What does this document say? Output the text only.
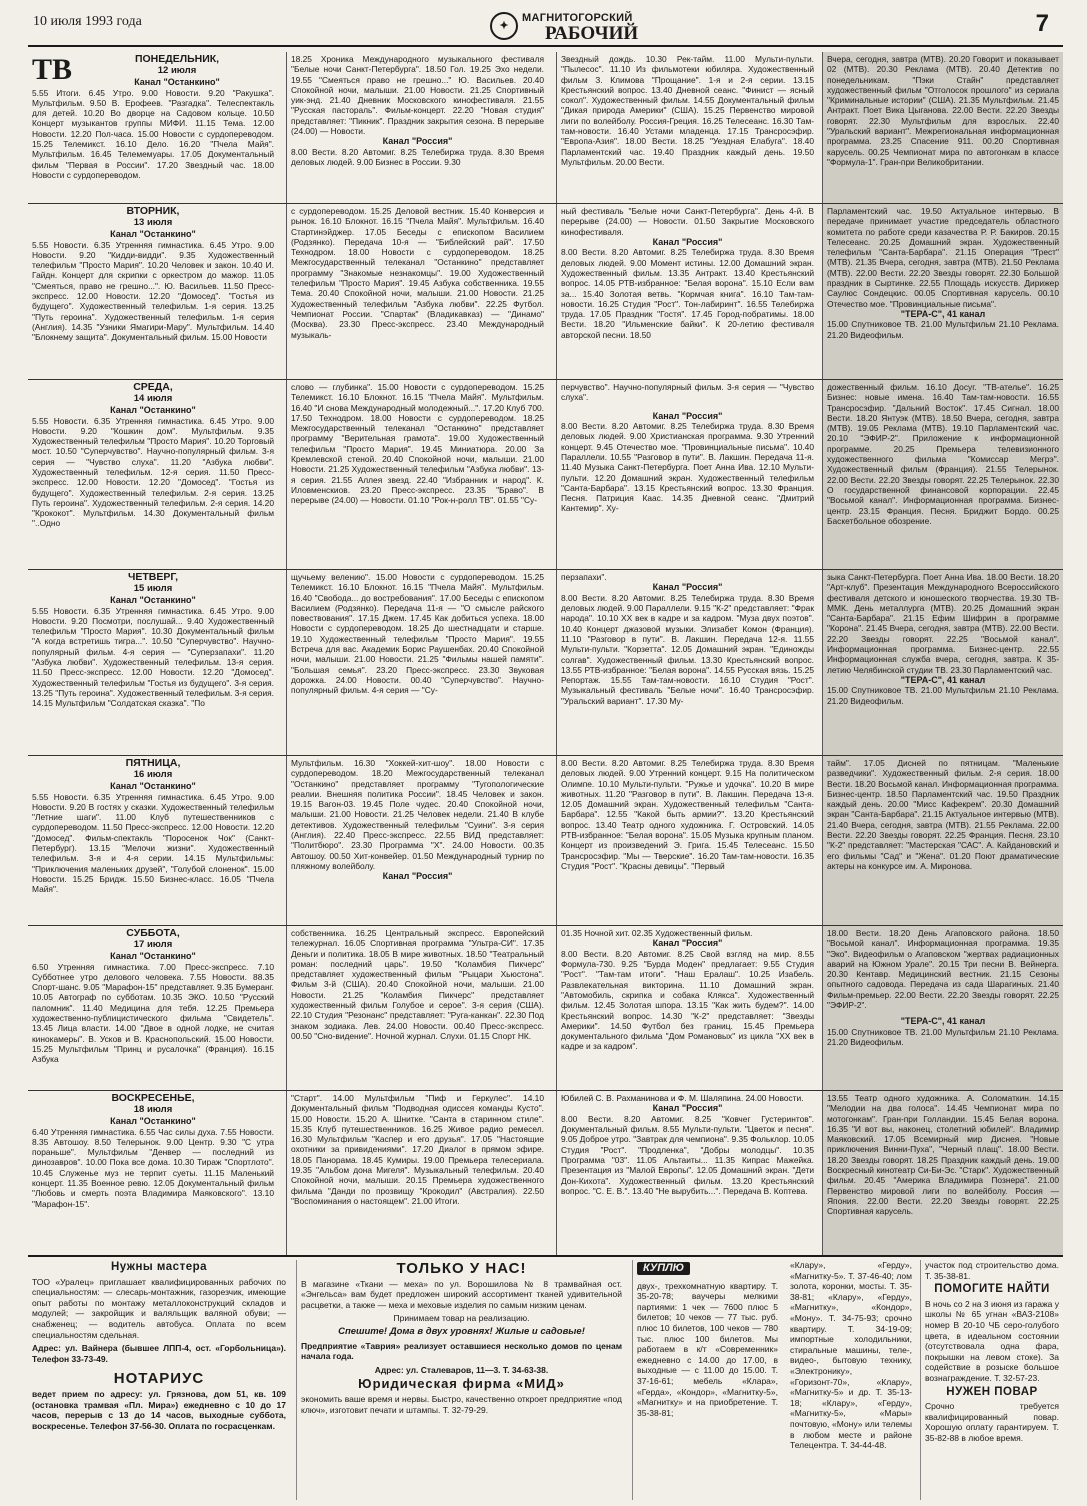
10 июля 1993 года	✦
МАГНИТОГОРСКИЙ
РАБОЧИЙ	7
ТВ	ПОНЕДЕЛЬНИК,
12 июля
Канал "Останкино"
5.55 Итоги. 6.45 Утро. 9.00 Новости. 9.20 "Ракушка". Мультфильм. 9.50 В. Ерофеев. "Разгадка". Телеспектакль для детей. 10.20 Во дворце на Садовом кольце. 10.50 Концерт музыкантов группы МИФИ. 11.15 Тема. 12.00 Новости. 12.20 Пол-часа. 15.00 Новости с сурдопереводом. 15.25 Телемикст. 16.10 Дело. 16.20 "Пчела Майя". Мультфильм. 16.45 Телемемуары. 17.05 Документальный фильм "Первая в России". 17.20 Звездный час. 18.00 Новости с сурдопереводом.
18.25 Хроника Международного музыкального фестиваля "Белые ночи Санкт-Петербурга". 18.50 Гол. 19.25 Эхо недели. 19.55 "Смеяться право не грешно..." Ю. Васильев. 20.40 Спокойной ночи, малыши. 21.00 Новости. 21.25 Спортивный уик-энд. 21.40 Дневник Московского кинофестиваля. 21.55 "Русская пастораль". Фильм-концерт. 22.20 "Новая студия" представляет: "Пикник". Праздник закрытия сезона. В перерыве (24.00) — Новости.
Канал "Россия"
8.00 Вести. 8.20 Автомиг. 8.25 Телебиржа труда. 8.30 Время деловых людей. 9.00 Бизнес в России. 9.30
Звездный дождь. 10.30 Рек-тайм. 11.00 Мульти-пульти. "Пылесос". 11.10 Из фильмотеки юбиляра. Художественный фильм З. Климова "Прощание". 1-я и 2-я серии. 13.15 Крестьянский вопрос. 13.40 Дневной сеанс. "Финист — ясный сокол". Художественный фильм. 14.55 Документальный фильм "Дикая природа Америки" (США). 15.25 Первенство мировой лиги по волейболу. Россия-Греция. 16.25 Телесеанс. 16.30 Там-там-новости. 16.40 Устами младенца. 17.15 Трансросэфир. "Европа-Азия". 18.00 Вести. 18.25 "Уездная Елабуга". 18.40 Парламентский час. 19.40 Праздник каждый день. 19.50 Мультфильм. 20.00 Вести.
Вчера, сегодня, завтра (МТВ). 20.20 Говорит и показывает 02 (МТВ). 20.30 Реклама (МТВ). 20.40 Детектив по понедельникам. "Пэки Стайн" представляет художественный фильм "Отголосок прошлого" из сериала "Криминальные истории" (США). 21.35 Мультфильм. 21.45 Антракт. Поет Вика Цыганова. 22.00 Вести. 22.20 Звезды говорят. 22.30 Мультфильм для взрослых. 22.40 "Уральский вариант". Межрегиональная информационная программа. 23.25 Спасение 911. 00.20 Спортивная карусель. 00.25 Чемпионат мира по автогонкам в классе "Формула-1". Гран-при Великобритании.
ВТОРНИК,
13 июля
Канал "Останкино"
5.55 Новости. 6.35 Утренняя гимнастика. 6.45 Утро. 9.00 Новости. 9.20 "Кидди-видди". 9.35 Художественный телефильм "Просто Мария". 10.20 Человек и закон. 10.40 И. Гайдн. Концерт для скрипки с оркестром до мажор. 11.05 "Смеяться, право не грешно...". Ю. Васильев. 11.50 Пресс-экспресс. 12.00 Новости. 12.20 "Домосед". "Гостья из будущего". Художественный телефильм. 1-я серия. 13.25 "Путь героина". Художественный телефильм. 1-я серия (Англия). 14.35 "Узники Ямагири-Мару". Мультфильм. 14.40 "Блокнему защита". Документальный фильм. 15.00 Новости
с сурдопереводом. 15.25 Деловой вестник. 15.40 Конверсия и рынок. 16.10 Блокнот. 16.15 "Пчела Майя". Мультфильм. 16.40 Стартинэйджер. 17.05 Беседы с епископом Василием (Родзянко). Передача 10-я — "Библейский рай". 17.50 Технодром. 18.00 Новости с сурдопереводом. 18.25 Межгосударственный телеканал "Останкино" представляет программу "Знакомые незнакомцы". 19.00 Художественный телефильм "Просто Мария". 19.45 Азбука собственника. 19.55 Тема. 20.40 Спокойной ночи, малыши. 21.00 Новости. 21.25 Художественный телефильм "Азбука любви". 22.25 Футбол. Чемпионат России. "Спартак" (Владикавказ) — "Динамо" (Москва). 23.30 Пресс-экспресс. 23.40 Международный музыкаль-
ный фестиваль "Белые ночи Санкт-Петербурга". День 4-й. В перерыве (24.00) — Новости. 01.50 Закрытие Московского кинофестиваля.
Канал "Россия"
8.00 Вести. 8.20 Автомиг. 8.25 Телебиржа труда. 8.30 Время деловых людей. 9.00 Момент истины. 12.00 Домашний экран. Художественный фильм. 13.35 Антракт. 13.40 Крестьянский вопрос. 14.05 РТВ-избранное: "Белая ворона". 15.10 Если вам за... 15.40 Золотая ветвь. "Кормчая книга". 16.10 Там-там-новости. 16.25 Студия "Рост". Тон-лабиринт". 16.55 Телебиржа труда. 17.05 Праздник "Гостя". 17.45 Город-побратимы. 18.00 Вести. 18.20 "Ильменские байки". К 20-летию фестиваля авторской песни. 18.50
Парламентский час. 19.50 Актуальное интервью. В передаче принимает участие председатель областного комитета по работе среди казачества Р. Р. Бакиров. 20.15 Телесеанс. 20.25 Домашний экран. Художественный телефильм "Санта-Барбара". 21.15 Операция "Трест" (МТВ). 21.35 Вчера, сегодня, завтра (МТВ). 21.50 Реклама (МТВ). 22.00 Вести. 22.20 Звезды говорят. 22.30 Большой праздник в Сыртинке. 22.55 Площадь искусств. Дирижер Саулюс Сондецкис. 00.05 Спортивная карусель. 00.10 Отечество мое. "Провинциальные письма".
"ТЕРА-С", 41 канал
15.00 Спутниковое ТВ. 21.00 Мультфильм 21.10 Реклама. 21.20 Видеофильм.
СРЕДА,
14 июля
Канал "Останкино"
5.55 Новости. 6.35 Утренняя гимнастика. 6.45 Утро. 9.00 Новости. 9.20 "Кошкин дом". Мультфильм. 9.35 Художественный телефильм "Просто Мария". 10.20 Торговый мост. 10.50 "Суперчувство". Научно-популярный фильм. 3-я серия — "Чувство слуха". 11.20 "Азбука любви". Художественный телефильм. 12-я серия. 11.50 Пресс-экспресс. 12.00 Новости. 12.20 "Домосед". "Гостья из будущего". Художественный телефильм. 2-я серия. 13.25 Путь героина". Художественный телефильм. 2-я серия. 14.20 "Крококот". Мультфильм. 14.30 Документальный фильм "..Одно
слово — глубинка". 15.00 Новости с сурдопереводом. 15.25 Телемикст. 16.10 Блокнот. 16.15 "Пчела Майя". Мультфильм. 16.40 "И снова Международный молодежный...". 17.20 Клуб 700. 17.50 Технодром. 18.00 Новости с сурдопереводом. 18.25 Межгосударственный телеканал "Останкино" представляет программу "Верительная грамота". 19.00 Художественный телефильм "Просто Мария". 19.45 Миниатюра. 20.00 За Кремлевской стеной. 20.40 Спокойной ночи, малыши. 21.00 Новости. 21.25 Художественный телефильм "Азбука любви". 13-я серия. 21.55 Аллея звезд. 22.40 "Избранник и народ". К. Иловменскиов. 23.20 Пресс-экспресс. 23.35 "Браво". В перерыве (24.00) — Новости. 01.10 "Рок-н-ролл ТВ". 01.55 "Су-
перчувство". Научно-популярный фильм. 3-я серия — "Чувство слуха".
Канал "Россия"
8.00 Вести. 8.20 Автомиг. 8.25 Телебиржа труда. 8.30 Время деловых людей. 9.00 Христианская программа. 9.30 Утренний концерт. 9.45 Отечество мое. "Провинциальные письма". 10.40 Параллели. 10.55 "Разговор в пути". В. Лакшин. Передача 11-я. 11.40 Музыка Санкт-Петербурга. Поет Анна Ива. 12.10 Мульти-пульти. 12.20 Домашний экран. Художественный телефильм "Санта-Барбара". 13.15 Крестьянский вопрос. 13.30 Франция. Песня. Патриция Каас. 14.35 Дневной сеанс. "Дмитрий Кантемир". Ху-
дожественный фильм. 16.10 Досуг. "ТВ-ателье". 16.25 Бизнес: новые имена. 16.40 Там-там-новости. 16.55 Трансросэфир. "Дальний Восток". 17.45 Сигнал. 18.00 Вести. 18.20 Янтуэк (МТВ). 18.50 Вчера, сегодня, завтра (МТВ). 19.05 Реклама (МТВ). 19.10 Парламентский час. 20.10 "ЭФИР-2". Приложение к информационной программе. 20.25 Премьера телевизионного художественного фильма "Комиссар Мегрэ". Художественный фильм (Франция). 21.55 Телерынок. 22.00 Вести. 22.20 Звезды говорят. 22.25 Телерынок. 22.30 О государственной финансовой корпорации. 22.45 "Восьмой канал". Информационная программа. Бизнес-центр. 23.15 Франция. Песня. Бриджит Бордо. 00.25 Баскетбольное обозрение.
ЧЕТВЕРГ,
15 июля
Канал "Останкино"
5.55 Новости. 6.35 Утренняя гимнастика. 6.45 Утро. 9.00 Новости. 9.20 Посмотри, послушай... 9.40 Художественный телефильм "Просто Мария". 10.30 Документальный фильм "А когда встретишь тигра...". 10.50 "Суперчувство". Научно-популярный фильм. 4-я серия — "Суперзапахи". 11.20 "Азбука любви". Художественный телефильм. 13-я серия. 11.50 Пресс-экспресс. 12.00 Новости. 12.20 "Домосед". Художественный телефильм "Гостья из будущего". 3-я серия. 13.25 "Путь героина". Художественный телефильм. 3-я серия. 14.15 Мультфильм "Солдатская сказка". "По
щучьему велению". 15.00 Новости с сурдопереводом. 15.25 Телемикст. 16.10 Блокнот. 16.15 "Пчела Майя". Мультфильм. 16.40 "Свобода... до востребования". 17.00 Беседы с епископом Василием (Родзянко). Передача 11-я — "О смысле райского повествования". 17.15 Джем. 17.45 Как добиться успеха. 18.00 Новости с сурдопереводом. 18.25 До шестнадцати и старше. 19.10 Художественный телефильм "Просто Мария". 19.55 Встреча для вас. Академик Борис Раушенбах. 20.40 Спокойной ночи, малыши. 21.00 Новости. 21.25 "Фильмы нашей памяти". "Большая семья". 23.20 Пресс-экспресс. 23.30 Звуковая дорожка. 24.00 Новости. 00.40 "Суперчувство". Научно-популярный фильм. 4-я серия — "Су-
перзапахи".
Канал "Россия"
8.00 Вести. 8.20 Автомиг. 8.25 Телебиржа труда. 8.30 Время деловых людей. 9.00 Параллели. 9.15 "К-2" представляет: "Фрак народа". 10.10 XX век в кадре и за кадром. "Муза двух поэтов". 10.40 Концерт джазовой музыки. Элизабет Комон (Франция). 11.10 "Разговор в пути". В. Лакшин. Передача 12-я. 11.55 Мульти-пульти. "Корзетта". 12.05 Домашний экран. "Единожды солгав". Художественный фильм. 13.30 Крестьянский вопрос. 13.55 РТВ-избранное: "Белая ворона". 14.55 Русская вязь. 15.25 Репортаж. 15.55 Там-там-новости. 16.10 Студия "Рост". Музыкальный фестиваль "Белые ночи". 16.40 Трансросэфир. "Уральский вариант". 17.30 Му-
зыка Санкт-Петербурга. Поет Анна Ива. 18.00 Вести. 18.20 "Арт-клуб". Презентация Международного Всероссийского фестиваля детского и юношеского творчества. 19.30 ТВ-ММК. День металлурга (МТВ). 20.25 Домашний экран "Санта-Барбара". 21.15 Ефим Шифрин в программе "Корона". 21.45 Вчера, сегодня, завтра (МТВ). 22.00 Вести. 22.20 Звезды говорят. 22.25 "Восьмой канал". Информационная программа. Бизнес-центр. 22.55 Информационная служба вчера, сегодня, завтра. К 35-летию Челябинской студии ТВ. 23.30 Парламентский час.
"ТЕРА-С", 41 канал
15.00 Спутниковое ТВ. 21.00 Мультфильм 21.10 Реклама. 21.20 Видеофильм.
ПЯТНИЦА,
16 июля
Канал "Останкино"
5.55 Новости. 6.35 Утренняя гимнастика. 6.45 Утро. 9.00 Новости. 9.20 В гостях у сказки. Художественный телефильм "Летние шаги". 11.00 Клуб путешественников с сурдопереводом. 11.50 Пресс-экспресс. 12.00 Новости. 12.20 "Домосед". Фильм-спектакль "Поросенок Чок" (Санкт-Петербург). 13.15 "Мелочи жизни". Художественный телефильм. 3-я и 4-я серии. 14.15 Мультфильмы: "Приключения маленьких друзей", "Голубой слоненок". 15.00 Новости. 15.25 Бридж. 15.50 Бизнес-класс. 16.05 "Пчела Майя".
Мультфильм. 16.30 "Хоккей-хит-шоу". 18.00 Новости с сурдопереводом. 18.20 Межгосударственный телеканал "Останкино" представляет программу "Тугопологические реалии. Внешняя политика России". 18.45 Человек и закон. 19.15 Вагон-03. 19.45 Поле чудес. 20.40 Спокойной ночи, малыши. 21.00 Новости. 21.25 Человек недели. 21.40 В клубе детективов. Художественный телефильм "Суини". 3-я серия (Англия). 22.40 Пресс-экспресс. 22.55 ВИД представляет: "Политбюро". 23.30 Программа "X". 24.00 Новости. 00.35 Автошоу. 00.50 Хит-конвейер. 01.50 Международный турнир по пляжному волейболу.
Канал "Россия"
8.00 Вести. 8.20 Автомиг. 8.25 Телебиржа труда. 8.30 Время деловых людей. 9.00 Утренний концерт. 9.15 На политическом Олимпе. 10.10 Мульти-пульти. "Ружье и удочка". 10.20 В мире животных. 11.20 "Разговор в пути". В. Лакшин. Передача 13-я. 12.05 Домашний экран. Художественный телефильм "Санта-Барбара". 12.55 "Какой быть армии?". 13.20 Крестьянский вопрос. 13.40 Театр одного художника. Г. Островский. 14.05 РТВ-избранное: "Белая ворона". 15.05 Музыка крупным планом. Концерт из произведений Э. Грига. 15.45 Телесеанс. 15.50 Трансросэфир. "Мы — Тверские". 16.20 Там-там-новости. 16.35 Студия "Рост". "Красны девицы". "Первый
тайм". 17.05 Дисней по пятницам. "Маленькие разведчики". Художественный фильм. 2-я серия. 18.00 Вести. 18.20 Восьмой канал. Информационная программа. Бизнес-центр. 18.50 Парламентский час. 19.50 Праздник каждый день. 20.00 "Мисс Кафекрем". 20.30 Домашний экран "Санта-Барбара". 21.15 Актуальное интервью (МТВ). 21.40 Вчера, сегодня, завтра (МТВ). 21.55 Реклама. 22.00 Вести. 22.20 Звезды говорят. 22.25 Франция. Песня. 23.10 "К-2" представляет: "Мастерская "САС". А. Кайдановский и его фильмы "Сад" и "Жена". 01.20 Поют драматические актеры на конкурсе им. А. Миронова.
СУББОТА,
17 июля
Канал "Останкино"
6.50 Утренняя гимнастика. 7.00 Пресс-экспресс. 7.10 Субботнее утро делового человека. 7.55 Новости. 88.35 Спорт-шанс. 9.05 "Марафон-15" представляет. 9.35 Бумеранг. 10.05 Автограф по субботам. 10.35 ЭКО. 10.50 "Русский паломник". 11.40 Медицина для тебя. 12.25 Премьера художественно-публицистического фильма "Свидетель". 13.45 Лица власти. 14.00 "Двое в одной лодке, не считая кинокамеры". В. Усков и В. Краснопольский. 15.00 Новости. 15.25 Мультфильм "Принц и русалочка" (Франция). 16.15 Азбука
собственника. 16.25 Центральный экспресс. Европейский тележурнал. 16.05 Спортивная программа "Ультра-СИ". 17.35 Деньги и политика. 18.05 В мире животных. 18.50 "Театральный роман: последний царь". 19.50 "Коламбия Пикчерс" представляет художественный фильм "Рыцари Хьюстона". Фильм 3-й (США). 20.40 Спокойной ночи, малыши. 21.00 Новости. 21.25 "Коламбия Пикчерс" представляет художественный фильм Голубое и серое". 3-я серия (США). 22.10 Студия "Резонанс" представляет: "Руга-канкан". 22.30 Под знаком зодиака. Лев. 24.00 Новости. 00.40 Пресс-экспресс. 00.50 "Сно-видение". Ночной журнал. Слухи. 01.15 Спорт НК.
01.35 Ночной хит. 02.35 Художественный фильм.
Канал "Россия"
8.00 Вести. 8.20 Автомиг. 8.25 Свой взгляд на мир. 8.55 Формула-730. 9.25 "Бурда Моден" предлагает: 9.55 Студия "Рост". "Там-там итоги". "Наш Ералаш". 10.25 Изабель. Развлекательная викторина. 11.10 Домашний экран. "Автомобиль, скрипка и собака Клякса". Художественный фильм. 12.45 Золотая шпора. 13.15 "Как жить будем?". 14.00 Крестьянский вопрос. 14.30 "К-2" представляет: "Звезды Америки". 14.50 Футбол без границ. 15.45 Премьера документального фильма "Дом Романовых" из цикла "XX век в кадре и за кадром".
18.00 Вести. 18.20 День Агаповского района. 18.50 "Восьмой канал". Информационная программа. 19.35 "Эко". Видеофильм о Агаповском "жертвах радиационных аварий на Южном Урале". 20.15 Три песни В. Вейнерга. 20.30 Кентавр. Медицинский вестник. 21.15 Сезоны опытного садовода. Передача из сада Шарагиных. 21.40 Фильм-премьер. 22.00 Вести. 22.20 Звезды говорят. 22.25 "ЭФИР-2".
"ТЕРА-С", 41 канал
15.00 Спутниковое ТВ. 21.00 Мультфильм 21.10 Реклама. 21.20 Видеофильм.
ВОСКРЕСЕНЬЕ,
18 июля
Канал "Останкино"
6.40 Утренняя гимнастика. 6.55 Час силы духа. 7.55 Новости. 8.35 Автошоу. 8.50 Телерынок. 9.00 Центр. 9.30 "С утра пораньше". Мультфильм "Денвер — последний из динозавров". 10.00 Пока все дома. 10.30 Тираж "Спортлото". 10.45 Служенье муз не терпит суеты. 11.15 Маленький концерт. 11.35 Военное ревю. 12.05 Документальный фильм "Любовь и смерть поэта Владимира Маяковского". 13.10 "Марафон-15".
"Старт". 14.00 Мультфильм "Пиф и Геркулес". 14.10 Документальный фильм "Подводная одиссея команды Кусто". 15.00 Новости. 15.20 А. Шнитке. "Санта в старинном стиле". 15.35 Клуб путешественников. 16.25 Живое радио ремесел. 16.30 Мультфильм "Каспер и его друзья". 17.05 "Настоящие охотники за привидениями". 17.20 Диалог в прямом эфире. 18.05 Панорама. 18.45 Кумиры. 19.00 Премьера телесериала. 19.35 "Альбом дона Мигеля". Музыкальный телефильм. 20.40 Спокойной ночи, малыши. 20.15 Премьера художественного фильма "Данди по прозвищу "Крокодил" (Австралия). 22.50 "Воспоминания о настоящем". 21.00 Итоги.
Юбилей С. В. Рахманинова и Ф. М. Шаляпина. 24.00 Новости.
Канал "Россия"
8.00 Вести. 8.20 Автомиг. 8.25 "Ковчег Густеринтов". Документальный фильм. 8.55 Мульти-пульти. "Цветок и песня". 9.05 Доброе утро. "Завтрак для чемпиона". 9.35 Фольклор. 10.05 Студия "Рост". "Продленка", "Добры молодцы". 10.35 Программа "03". 11.05 Альтаиты... 11.35 Кипрас Мажейка. Презентация из "Малой Европы". 12.05 Домашний экран. "Дети Дон-Кихота". Художественный фильм. 13.20 Крестьянский вопрос. "С. Е. В.". 13.40 "Не вырубить...". Передача В. Коптева.
13.55 Театр одного художника. А. Соломаткин. 14.15 "Мелодии на два голоса". 14.45 Чемпионат мира по мотогонкам". Гран-при Голландии. 15.45 Белая ворона. 16.35 "И вот вы, наконец, столетний юбилей". Владимир Маяковский. 17.05 Всемирный мир Диснея. "Новые приключения Винни-Пуха", "Черный плащ". 18.00 Вести. 18.20 Звезды говорят. 18.25 Праздник каждый день. 19.00 Воскресный кинотеатр Си-Би-Эс. "Старк". Художественный фильм. 20.45 "Америка Владимира Познера". 21.00 Первенство мировой лиги по волейболу. Россия — Япония. 22.00 Вести. 22.20 Звезды говорят. 22.25 Спортивная карусель.
Нужны мастера

ТОО «Уралец» приглашает квалифицированных рабочих по специальностям: — слесарь-монтажник, газорезчик, имеющие опыт работы по монтажу металлоконструкций складов и модулей; — закройщик и валяльщик валяной обуви; — снабженец; — водитель автобуса. Оплата по всем специальностям сдельная.

Адрес: ул. Вайнера (бывшее ЛПП-4, ост. «Горбольница»). Телефон 33-73-49.

НОТАРИУС

ведет прием по адресу: ул. Грязнова, дом 51, кв. 109 (остановка трамвая «Пл. Мира») ежедневно с 10 до 17 часов, перерыв с 13 до 14 часов, выходные суббота, воскресенье. Телефон 37-56-30. Оплата по госрасценкам.

ТОЛЬКО У НАС!

В магазине «Ткани — меха» по ул. Ворошилова № 8 трамвайная ост. «Энгельса» вам будет предложен широкий ассортимент тканей удивительной расцветки, а также — меха и меховые изделия по самым низким ценам.

Принимаем товар на реализацию.

Спешите! Дома в двух уровнях! Жилые и садовые!

Предприятие «Таврия» реализует оставшиеся несколько домов по ценам начала года.

Адрес: ул. Сталеваров, 11—3. Т. 34-63-38.

Юридическая фирма «МИД»

экономить ваше время и нервы. Быстро, качественно откроет предприятие «под ключ», изготовит печати и штампы. Т. 32-79-29.

КУПЛЮ

двух-, трехкомнатную квартиру. Т. 35-20-78; ваучеры мелкими партиями: 1 чек — 7600 плюс 5 билетов; 10 чеков — 77 тыс. руб. плюс 10 билетов, 100 чеков — 780 тыс. плюс 100 билетов. Мы работаем в к/т «Современник» ежедневно с 14.00 до 17.00, в выходные — с 11.00 до 15.00. Т. 37-16-61; мебель «Клара», «Герда», «Кондор», «Магнитку-5», «Магнитку» и на приобретение. Т. 35-38-81;

«Клару», «Герду», «Магнитку-5». Т. 37-46-40; лом золота, коронки, мосты. Т. 35-38-81; «Клару», «Герду», «Магнитку», «Кондор», «Мону». Т. 34-75-93; срочно квартиру. Т. 34-19-09; импортные холодильники, стиральные машины, теле-, видео-, бытовую технику, «Электронику», «Горизонт-70», «Клару», «Магнитку-5» и др. Т. 35-13-18; «Клару», «Герду», «Магнитку-5», «Мары» почтовую, «Мону» или телемы в любом месте и районе Телецентра. Т. 34-44-48.

участок под строительство дома. Т. 35-38-81.

ПОМОГИТЕ НАЙТИ

В ночь со 2 на 3 июня из гаража у школы № 65 угнан «ВАЗ-2108» номер В 20-10 ЧБ серо-голубого цвета, в идеальном состоянии (отсутствовала одна фара, покрышки на левом стоке). За содействие в розыске большое вознаграждение. Т. 32-57-23.

НУЖЕН ПОВАР

Срочно требуется квалифицированный повар. Хорошую оплату гарантируем. Т. 35-82-88 в любое время.
